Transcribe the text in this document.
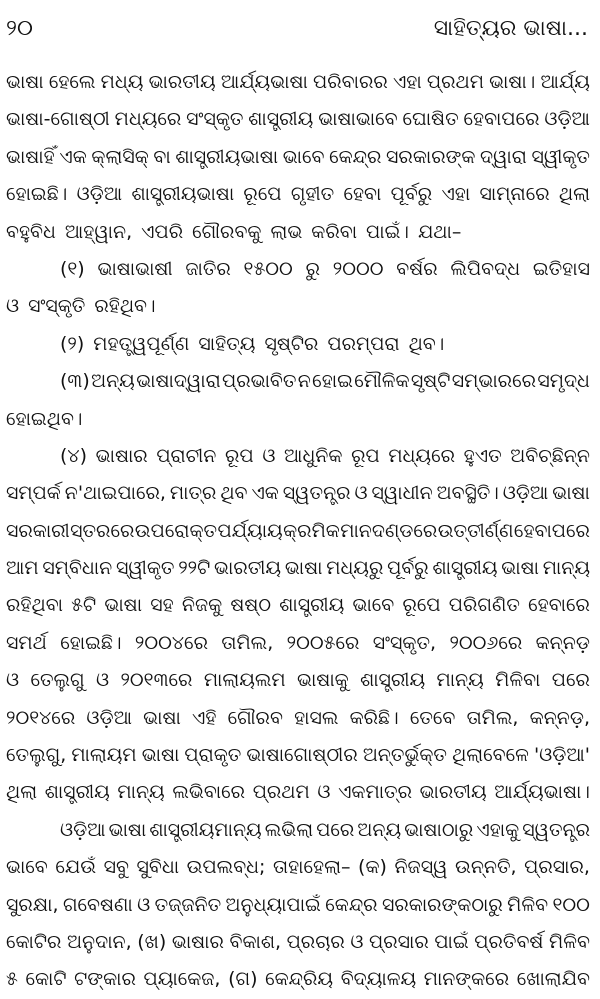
୨୦	ସାହିତ୍ୟର ଭାଷା...
ଭାଷା ହେଲେ ମଧ୍ୟ ଭାରତୀୟ ଆର୍ଯ୍ୟଭାଷା ପରିବାରର ଏହା ପ୍ରଥମ ଭାଷା। ଆର୍ଯ୍ୟ
ଭାଷା-ଗୋଷ୍ଠୀ ମଧ୍ୟରେ ସଂସ୍କୃତ ଶାସ୍ତ୍ରୀୟ ଭାଷାଭାବେ ଘୋଷିତ ହେବାପରେ ଓଡ଼ିଆ
ଭାଷାହିଁ ଏକ କ୍ଲାସିକ୍ ବା ଶାସ୍ତ୍ରୀୟଭାଷା ଭାବେ କେନ୍ଦ୍ର ସରକାରଙ୍କ ଦ୍ୱାରା ସ୍ୱୀକୃତ
ହୋଇଛି। ଓଡ଼ିଆ ଶାସ୍ତ୍ରୀୟଭାଷା ରୂପେ ଗୃହୀତ ହେବା ପୂର୍ବରୁ ଏହା ସାମ୍ନାରେ ଥିଲା
ବହୁବିଧ ଆହ୍ୱାନ, ଏପରି ଗୌରବକୁ ଲାଭ କରିବା ପାଇଁ। ଯଥା–
(୧) ଭାଷାଭାଷୀ ଜାତିର ୧୫୦୦ ରୁ ୨୦୦୦ ବର୍ଷର ଲିପିବଦ୍ଧ ଇତିହାସ
ଓ ସଂସ୍କୃତି ରହିଥିବ।
(୨) ମହତ୍ତ୍ୱପୂର୍ଣ୍ଣ ସାହିତ୍ୟ ସୃଷ୍ଟିର ପରମ୍ପରା ଥିବ।
(୩) ଅନ୍ୟ ଭାଷାଦ୍ୱାରା ପ୍ରଭାବିତ ନ ହୋଇ ମୌଳିକ ସୃଷ୍ଟି ସମ୍ଭାରରେ ସମୃଦ୍ଧ
ହୋଇଥିବ।
(୪) ଭାଷାର ପ୍ରାଚୀନ ରୂପ ଓ ଆଧୁନିକ ରୂପ ମଧ୍ୟରେ ହୁଏତ ଅବିଚ୍ଛିନ୍ନ
ସମ୍ପର୍କ ନ'ଥାଇପାରେ, ମାତ୍ର ଥିବ ଏକ ସ୍ୱତନ୍ତ୍ର ଓ ସ୍ୱାଧୀନ ଅବସ୍ଥିତି। ଓଡ଼ିଆ ଭାଷା
ସରକାରୀ ସ୍ତରରେ ଉପରୋକ୍ତ ପର୍ଯ୍ୟାୟ କ୍ରମିକ ମାନଦଣ୍ଡରେ ଉତ୍ତୀର୍ଣ୍ଣ ହେବାପରେ
ଆମ ସମ୍ବିଧାନ ସ୍ୱୀକୃତ ୨୨ଟି ଭାରତୀୟ ଭାଷା ମଧ୍ୟରୁ ପୂର୍ବରୁ ଶାସ୍ତ୍ରୀୟ ଭାଷା ମାନ୍ୟ
ରହିଥିବା ୫ଟି ଭାଷା ସହ ନିଜକୁ ଷଷ୍ଠ ଶାସ୍ତ୍ରୀୟ ଭାବେ ରୂପେ ପରିଗଣିତ ହେବାରେ
ସମର୍ଥ ହୋଇଛି। ୨୦୦୪ରେ ତାମିଲ, ୨୦୦୫ରେ ସଂସ୍କୃତ, ୨୦୦୬ରେ କନ୍ନଡ଼
ଓ ତେଲୁଗୁ ଓ ୨୦୧୩ରେ ମାଲାୟଲମ ଭାଷାକୁ ଶାସ୍ତ୍ରୀୟ ମାନ୍ୟ ମିଳିବା ପରେ
୨୦୧୪ରେ ଓଡ଼ିଆ ଭାଷା ଏହି ଗୌରବ ହାସଲ କରିଛି। ତେବେ ତାମିଲ, କନ୍ନଡ଼,
ତେଲୁଗୁ, ମାଲାୟମ ଭାଷା ପ୍ରାକୃତ ଭାଷାଗୋଷ୍ଠୀର ଅନ୍ତର୍ଭୁକ୍ତ ଥିଲାବେଳେ 'ଓଡ଼ିଆ'
ଥିଲା ଶାସ୍ତ୍ରୀୟ ମାନ୍ୟ ଲଭିବାରେ ପ୍ରଥମ ଓ ଏକମାତ୍ର ଭାରତୀୟ ଆର୍ଯ୍ୟଭାଷା।
ଓଡ଼ିଆ ଭାଷା ଶାସ୍ତ୍ରୀୟମାନ୍ୟ ଲଭିଲା ପରେ ଅନ୍ୟ ଭାଷାଠାରୁ ଏହାକୁ ସ୍ୱତନ୍ତ୍ର
ଭାବେ ଯେଉଁ ସବୁ ସୁବିଧା ଉପଲବ୍ଧ; ତାହାହେଲା– (କ) ନିଜସ୍ୱ ଉନ୍ନତି, ପ୍ରସାର,
ସୁରକ୍ଷା, ଗବେଷଣା ଓ ତଜ୍ଜନିତ ଅନୁଧ୍ୟାପାଇଁ କେନ୍ଦ୍ର ସରକାରଙ୍କଠାରୁ ମିଳିବ ୧୦୦
କୋଟିର ଅନୁଦାନ, (ଖ) ଭାଷାର ବିକାଶ, ପ୍ରଚାର ଓ ପ୍ରସାର ପାଇଁ ପ୍ରତିବର୍ଷ ମିଳିବ
୫ କୋଟି ଟଙ୍କାର ପ୍ୟାକେଜ, (ଗ) କେନ୍ଦ୍ରିୟ ବିଦ୍ୟାଳୟ ମାନଙ୍କରେ ଖୋଲାଯିବ
